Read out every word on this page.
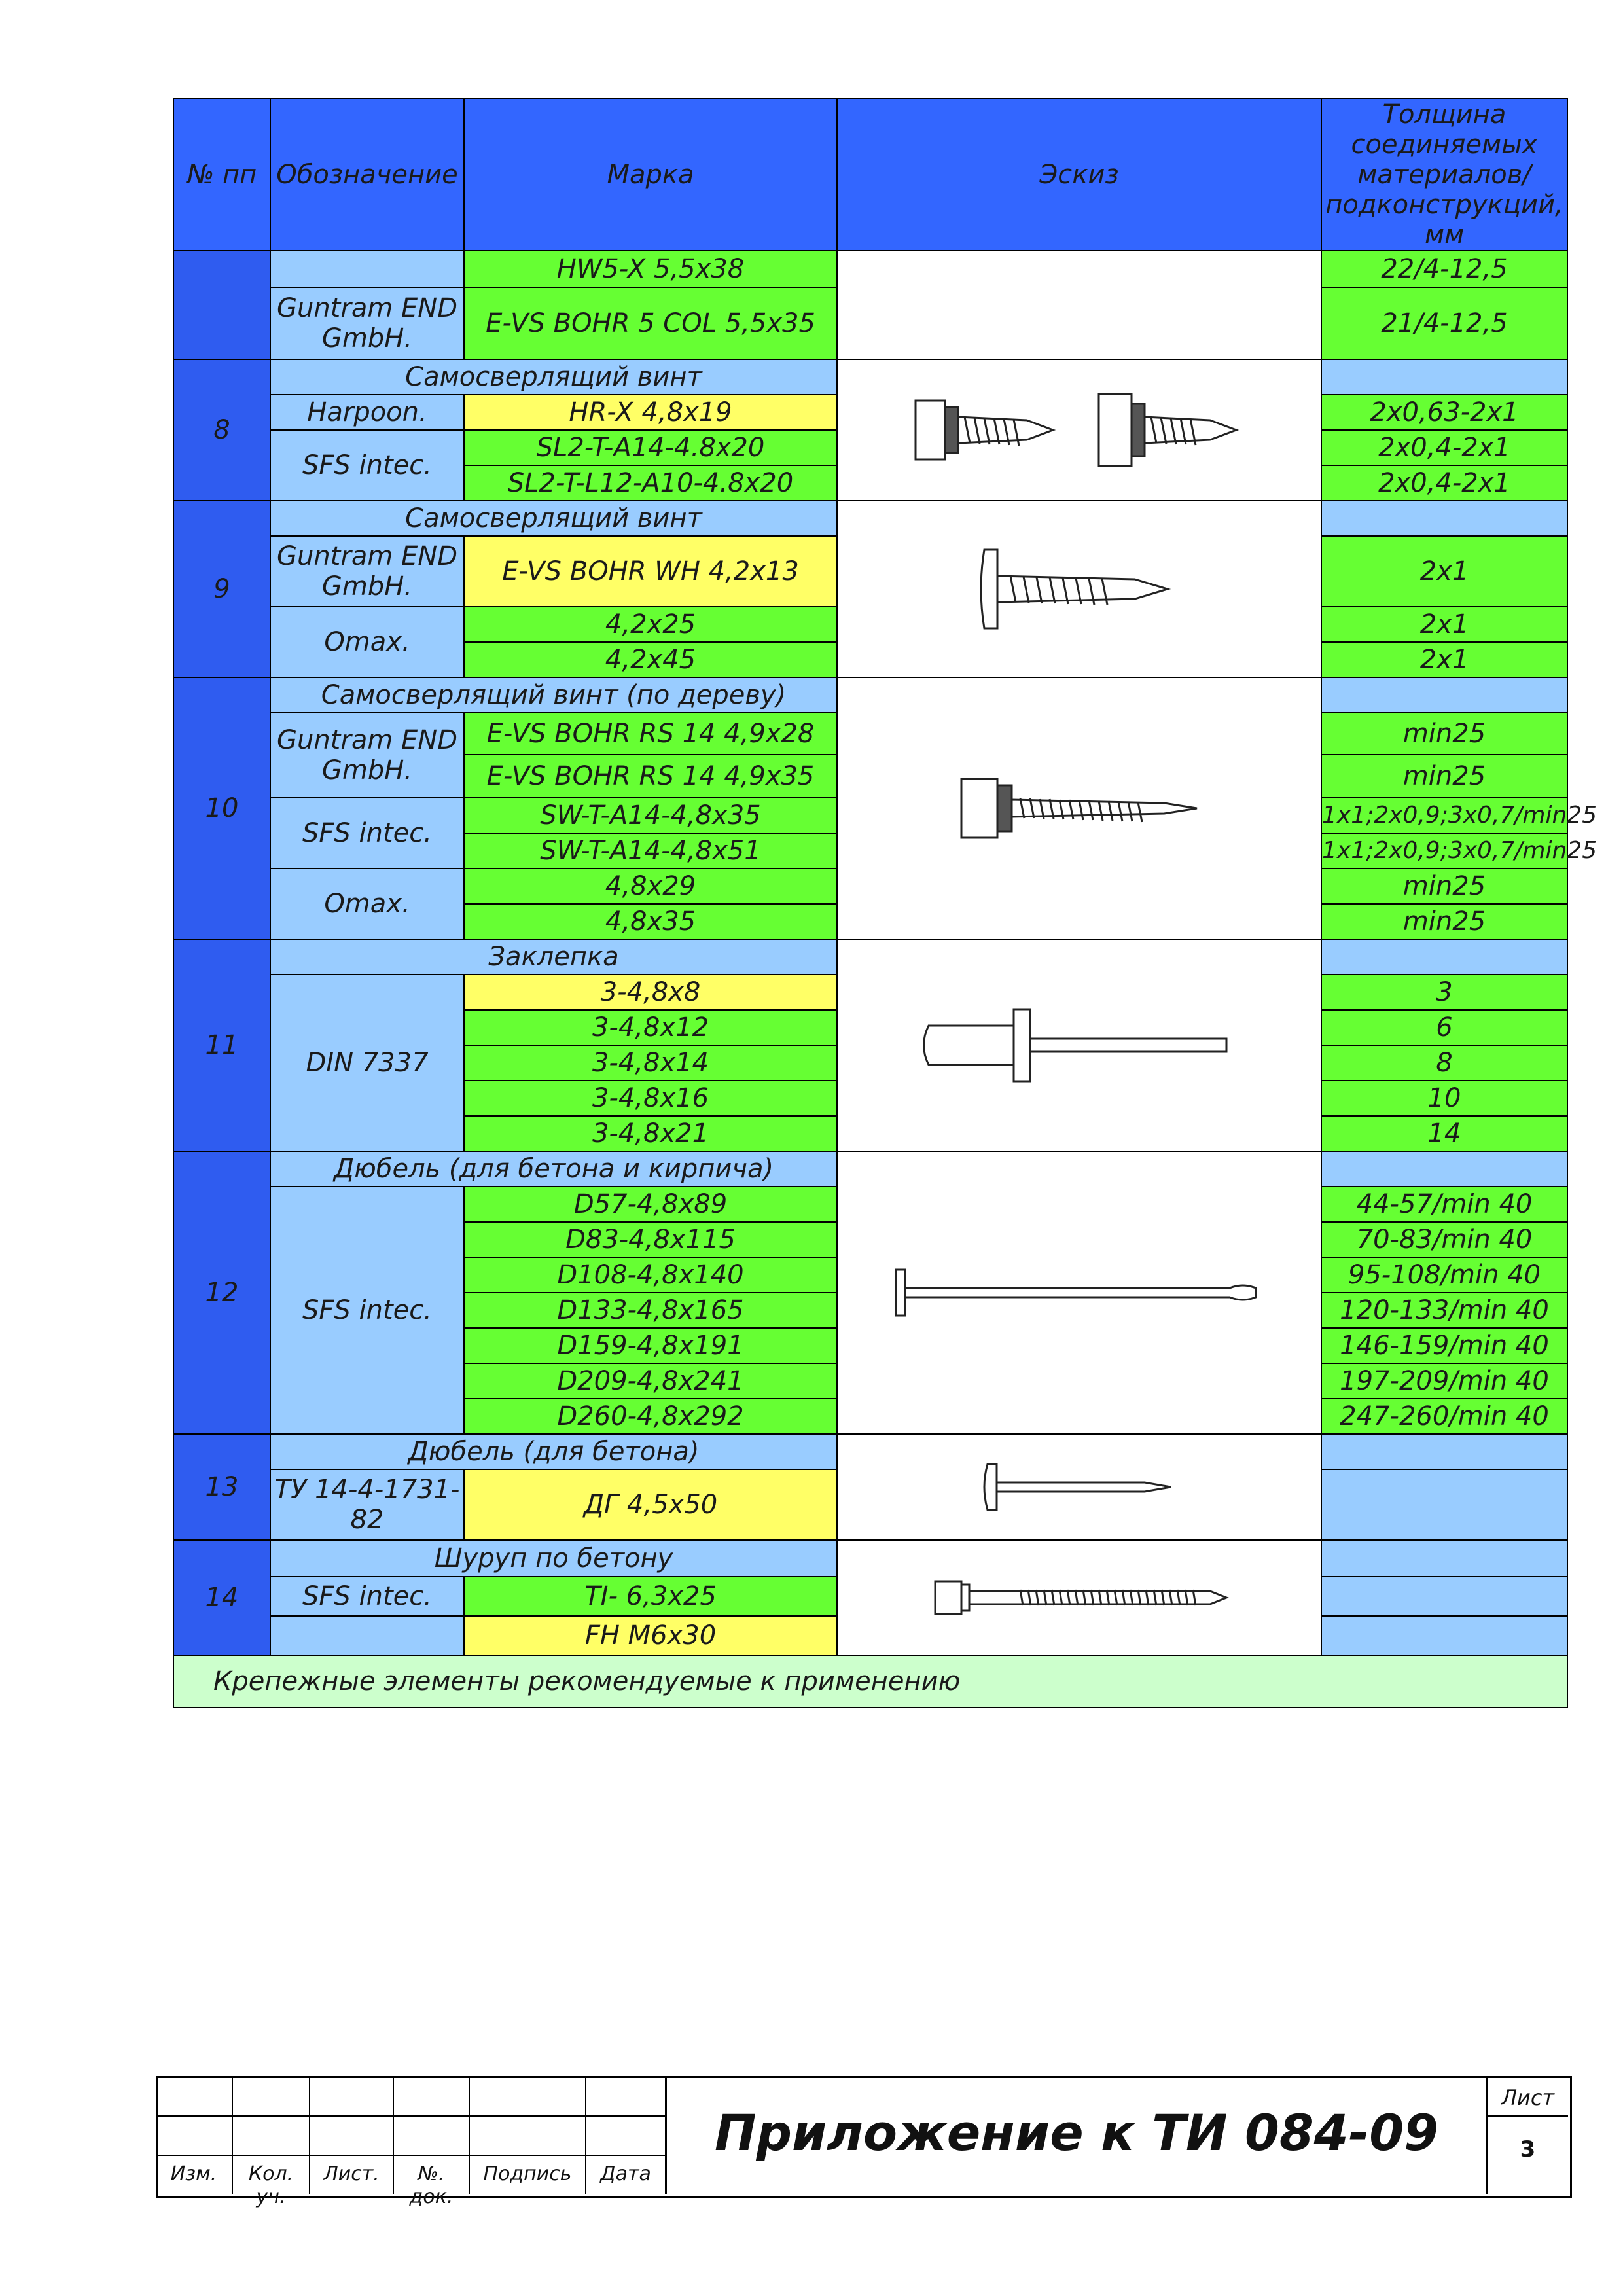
№ пп	Обозначение	Марка	Эскиз	Толщина соединяемых материалов/подконструкций, мм
		HW5-X 5,5x38		22/4-12,5
	Guntram END GmbH.	E-VS BOHR 5 COL 5,5x35		21/4-12,5
8	Самосверлящий винт	

	Harpoon.	HR-X 4,8x19		2x0,63-2x1
	SFS intec.	SL2-T-A14-4.8x20		2x0,4-2x1
		SL2-T-L12-A10-4.8x20		2x0,4-2x1
9	Самосверлящий винт	

	Guntram END GmbH.	E-VS BOHR WH 4,2x13		2x1
	Omax.	4,2x25		2x1
		4,2x45		2x1
10	Самосверлящий винт (по дереву)	

	Guntram END GmbH.	E-VS BOHR RS 14 4,9x28		min25
		E-VS BOHR RS 14 4,9x35		min25
	SFS intec.	SW-T-A14-4,8x35		1x1;2x0,9;3x0,7/min25
		SW-T-A14-4,8x51		1x1;2x0,9;3x0,7/min25
	Omax.	4,8x29		min25
		4,8x35		min25
11	Заклепка	

	DIN 7337	3-4,8x8		3
		3-4,8x12		6
		3-4,8x14		8
		3-4,8x16		10
		3-4,8x21		14
12	Дюбель (для бетона и кирпича)	

	SFS intec.	D57-4,8x89		44-57/min 40
		D83-4,8x115		70-83/min 40
		D108-4,8x140		95-108/min 40
		D133-4,8x165		120-133/min 40
		D159-4,8x191		146-159/min 40
		D209-4,8x241		197-209/min 40
		D260-4,8x292		247-260/min 40
13	Дюбель (для бетона)	

	ТУ 14-4-1731-82	ДГ 4,5x50		
14	Шуруп по бетону	

	SFS intec.	TI- 6,3x25		
		FH M6x30		
Крепежные элементы рекомендуемые к применению				
Изм.	Кол. уч.
Лист.	№. док.
Подпись	Дата
Приложение к ТИ 084-09
Лист
3
